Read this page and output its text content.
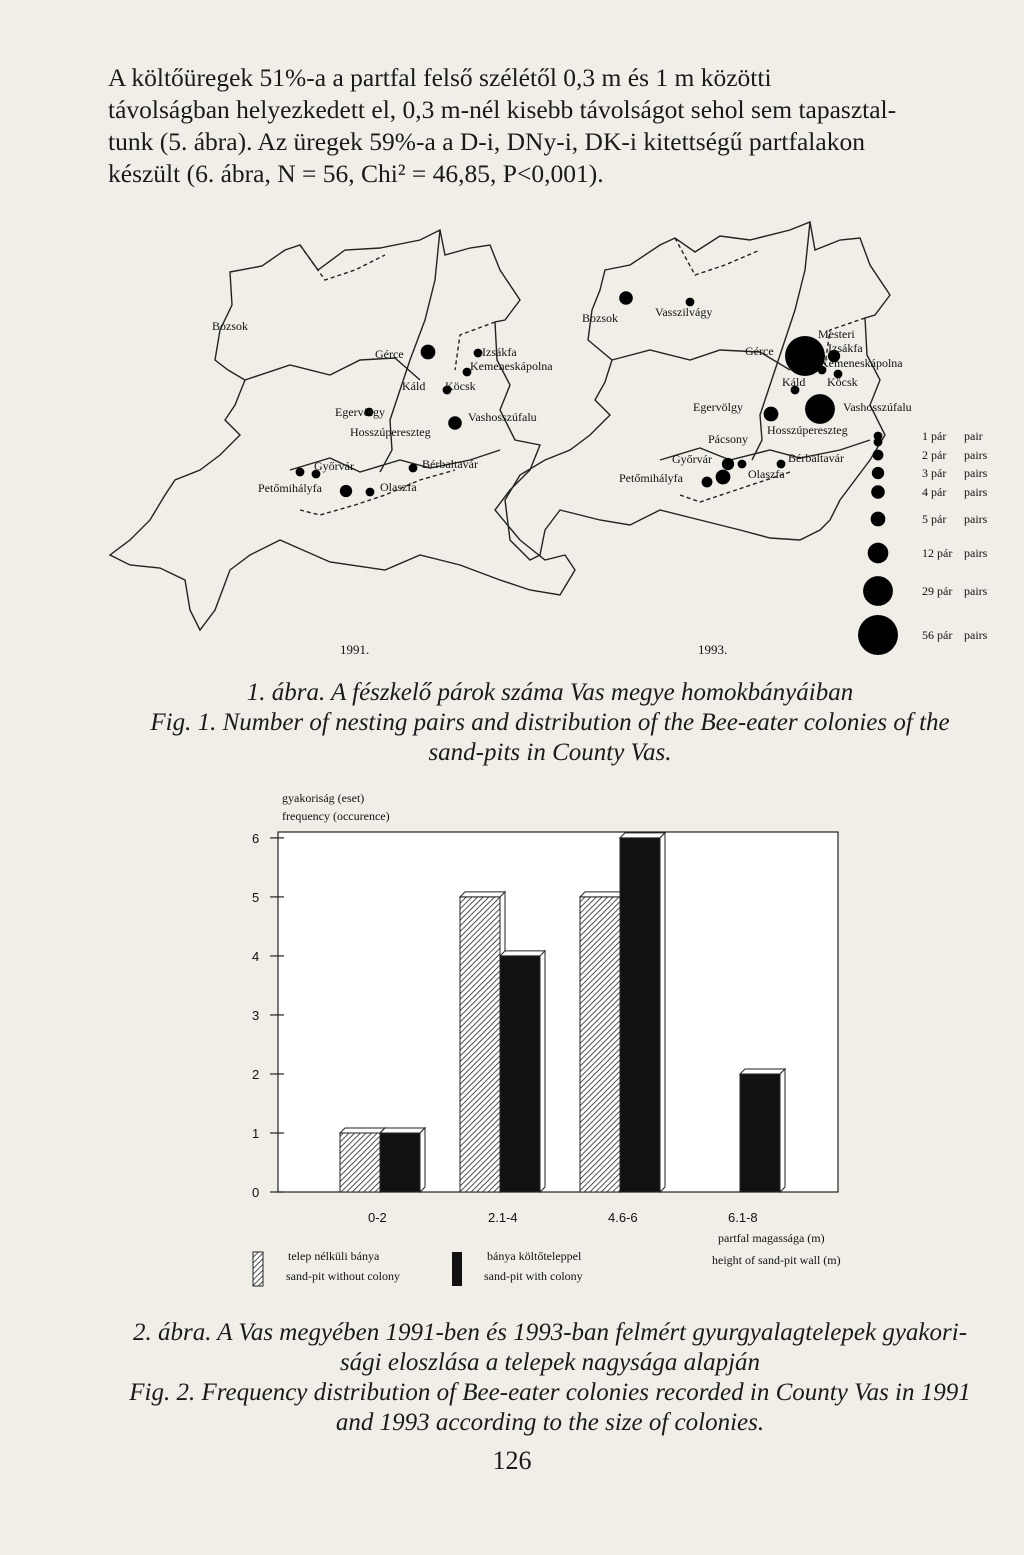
A költőüregek 51%-a a partfal felső szélétől 0,3 m és 1 m közötti
távolságban helyezkedett el, 0,3 m-nél kisebb távolságot sehol sem tapasztal-
tunk (5. ábra). Az üregek 59%-a a D-i, DNy-i, DK-i kitettségű partfalakon
készült (6. ábra, N = 56, Chi² = 46,85, P<0,001).
Bozsok
Gérce	Izsákfa
Kemeneskápolna
Káld Köcsk
Egervölgy	Vashosszúfalu
Hosszúpereszteg
Győrvár	Bérbaltavár
Petőmihályfa	Olaszfa
Bozsok	Vasszilvágy
Mesteri
Gérce	Izsákfa
Kemeneskápolna
Káld Köcsk
Egervölgy	Vashosszúfalu
Hosszúpereszteg
Pácsony
Győrvár	Bérbaltavár
Petőmihályfa	Olaszfa
1 pár pair
2 pár pairs
3 pár pairs
4 pár pairs
5 pár pairs
12 pár pairs
29 pár pairs
56 pár pairs
1991.	1993.
1. ábra. A fészkelő párok száma Vas megye homokbányáiban
Fig. 1. Number of nesting pairs and distribution of the Bee-eater colonies of the
sand-pits in County Vas.
gyakoriság (eset)
frequency (occurence)
0
1
2
3
4
5
6
0-2	2.1-4	4.6-6	6.1-8
partfal magassága (m)
height of sand-pit wall (m)
telep nélküli bánya
sand-pit without colony
bánya költőteleppel
sand-pit with colony
2. ábra. A Vas megyében 1991-ben és 1993-ban felmért gyurgyalagtelepek gyakori-
sági eloszlása a telepek nagysága alapján
Fig. 2. Frequency distribution of Bee-eater colonies recorded in County Vas in 1991
and 1993 according to the size of colonies.
126
